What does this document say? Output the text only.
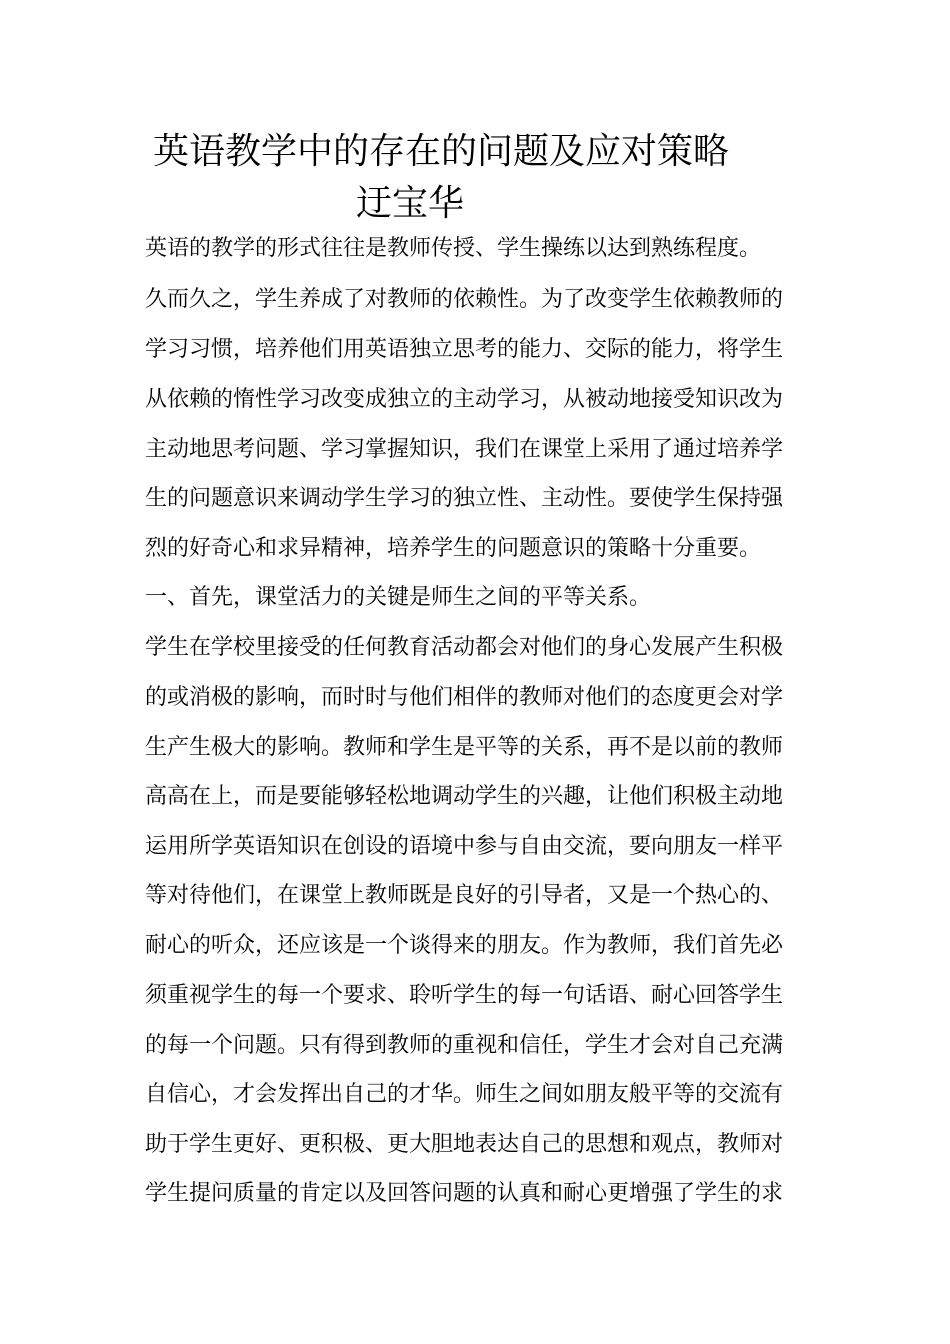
英语教学中的存在的问题及应对策略
迂宝华
英语的教学的形式往往是教师传授、学生操练以达到熟练程度。
久而久之，学生养成了对教师的依赖性。为了改变学生依赖教师的
学习习惯，培养他们用英语独立思考的能力、交际的能力，将学生
从依赖的惰性学习改变成独立的主动学习，从被动地接受知识改为
主动地思考问题、学习掌握知识，我们在课堂上采用了通过培养学
生的问题意识来调动学生学习的独立性、主动性。要使学生保持强
烈的好奇心和求异精神，培养学生的问题意识的策略十分重要。
一、首先，课堂活力的关键是师生之间的平等关系。
学生在学校里接受的任何教育活动都会对他们的身心发展产生积极
的或消极的影响，而时时与他们相伴的教师对他们的态度更会对学
生产生极大的影响。教师和学生是平等的关系，再不是以前的教师
高高在上，而是要能够轻松地调动学生的兴趣，让他们积极主动地
运用所学英语知识在创设的语境中参与自由交流，要向朋友一样平
等对待他们，在课堂上教师既是良好的引导者，又是一个热心的、
耐心的听众，还应该是一个谈得来的朋友。作为教师，我们首先必
须重视学生的每一个要求、聆听学生的每一句话语、耐心回答学生
的每一个问题。只有得到教师的重视和信任，学生才会对自己充满
自信心，才会发挥出自己的才华。师生之间如朋友般平等的交流有
助于学生更好、更积极、更大胆地表达自己的思想和观点，教师对
学生提问质量的肯定以及回答问题的认真和耐心更增强了学生的求
